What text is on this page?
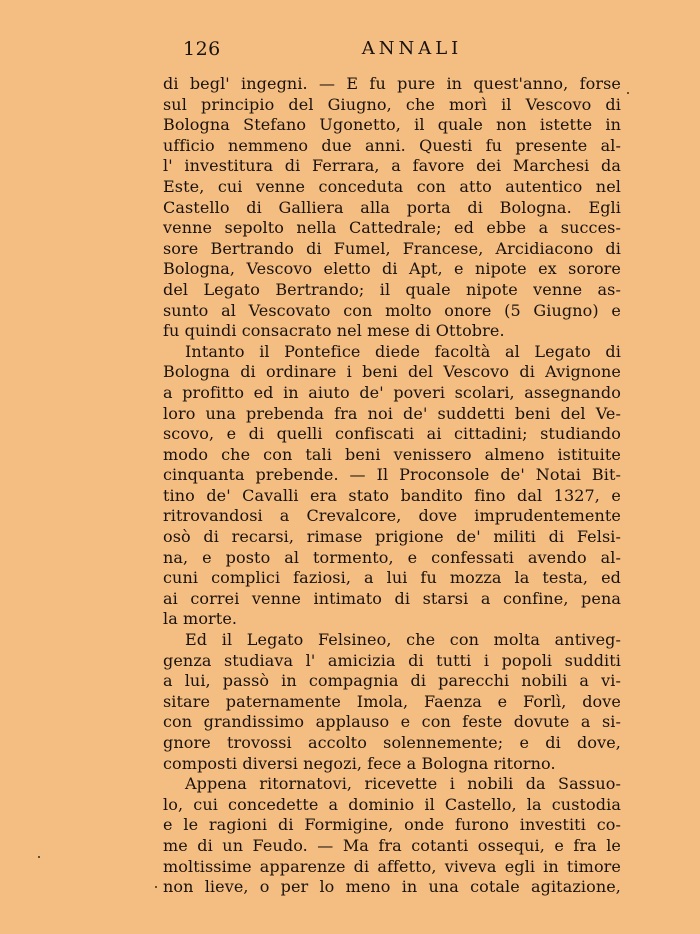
126	ANNALI
di begl' ingegni. — E fu pure in quest'anno, forse
sul principio del Giugno, che morì il Vescovo di
Bologna Stefano Ugonetto, il quale non istette in
ufficio nemmeno due anni. Questi fu presente al-
l' investitura di Ferrara, a favore dei Marchesi da
Este, cui venne conceduta con atto autentico nel
Castello di Galliera alla porta di Bologna. Egli
venne sepolto nella Cattedrale; ed ebbe a succes-
sore Bertrando di Fumel, Francese, Arcidiacono di
Bologna, Vescovo eletto di Apt, e nipote ex sorore
del Legato Bertrando; il quale nipote venne as-
sunto al Vescovato con molto onore (5 Giugno) e
fu quindi consacrato nel mese di Ottobre.
Intanto il Pontefice diede facoltà al Legato di
Bologna di ordinare i beni del Vescovo di Avignone
a profitto ed in aiuto de' poveri scolari, assegnando
loro una prebenda fra noi de' suddetti beni del Ve-
scovo, e di quelli confiscati ai cittadini; studiando
modo che con tali beni venissero almeno istituite
cinquanta prebende. — Il Proconsole de' Notai Bit-
tino de' Cavalli era stato bandito fino dal 1327, e
ritrovandosi a Crevalcore, dove imprudentemente
osò di recarsi, rimase prigione de' militi di Felsi-
na, e posto al tormento, e confessati avendo al-
cuni complici faziosi, a lui fu mozza la testa, ed
ai correi venne intimato di starsi a confine, pena
la morte.
Ed il Legato Felsineo, che con molta antiveg-
genza studiava l' amicizia di tutti i popoli sudditi
a lui, passò in compagnia di parecchi nobili a vi-
sitare paternamente Imola, Faenza e Forlì, dove
con grandissimo applauso e con feste dovute a si-
gnore trovossi accolto solennemente; e di dove,
composti diversi negozi, fece a Bologna ritorno.
Appena ritornatovi, ricevette i nobili da Sassuo-
lo, cui concedette a dominio il Castello, la custodia
e le ragioni di Formigine, onde furono investiti co-
me di un Feudo. — Ma fra cotanti ossequi, e fra le
moltissime apparenze di affetto, viveva egli in timore
non lieve, o per lo meno in una cotale agitazione,
